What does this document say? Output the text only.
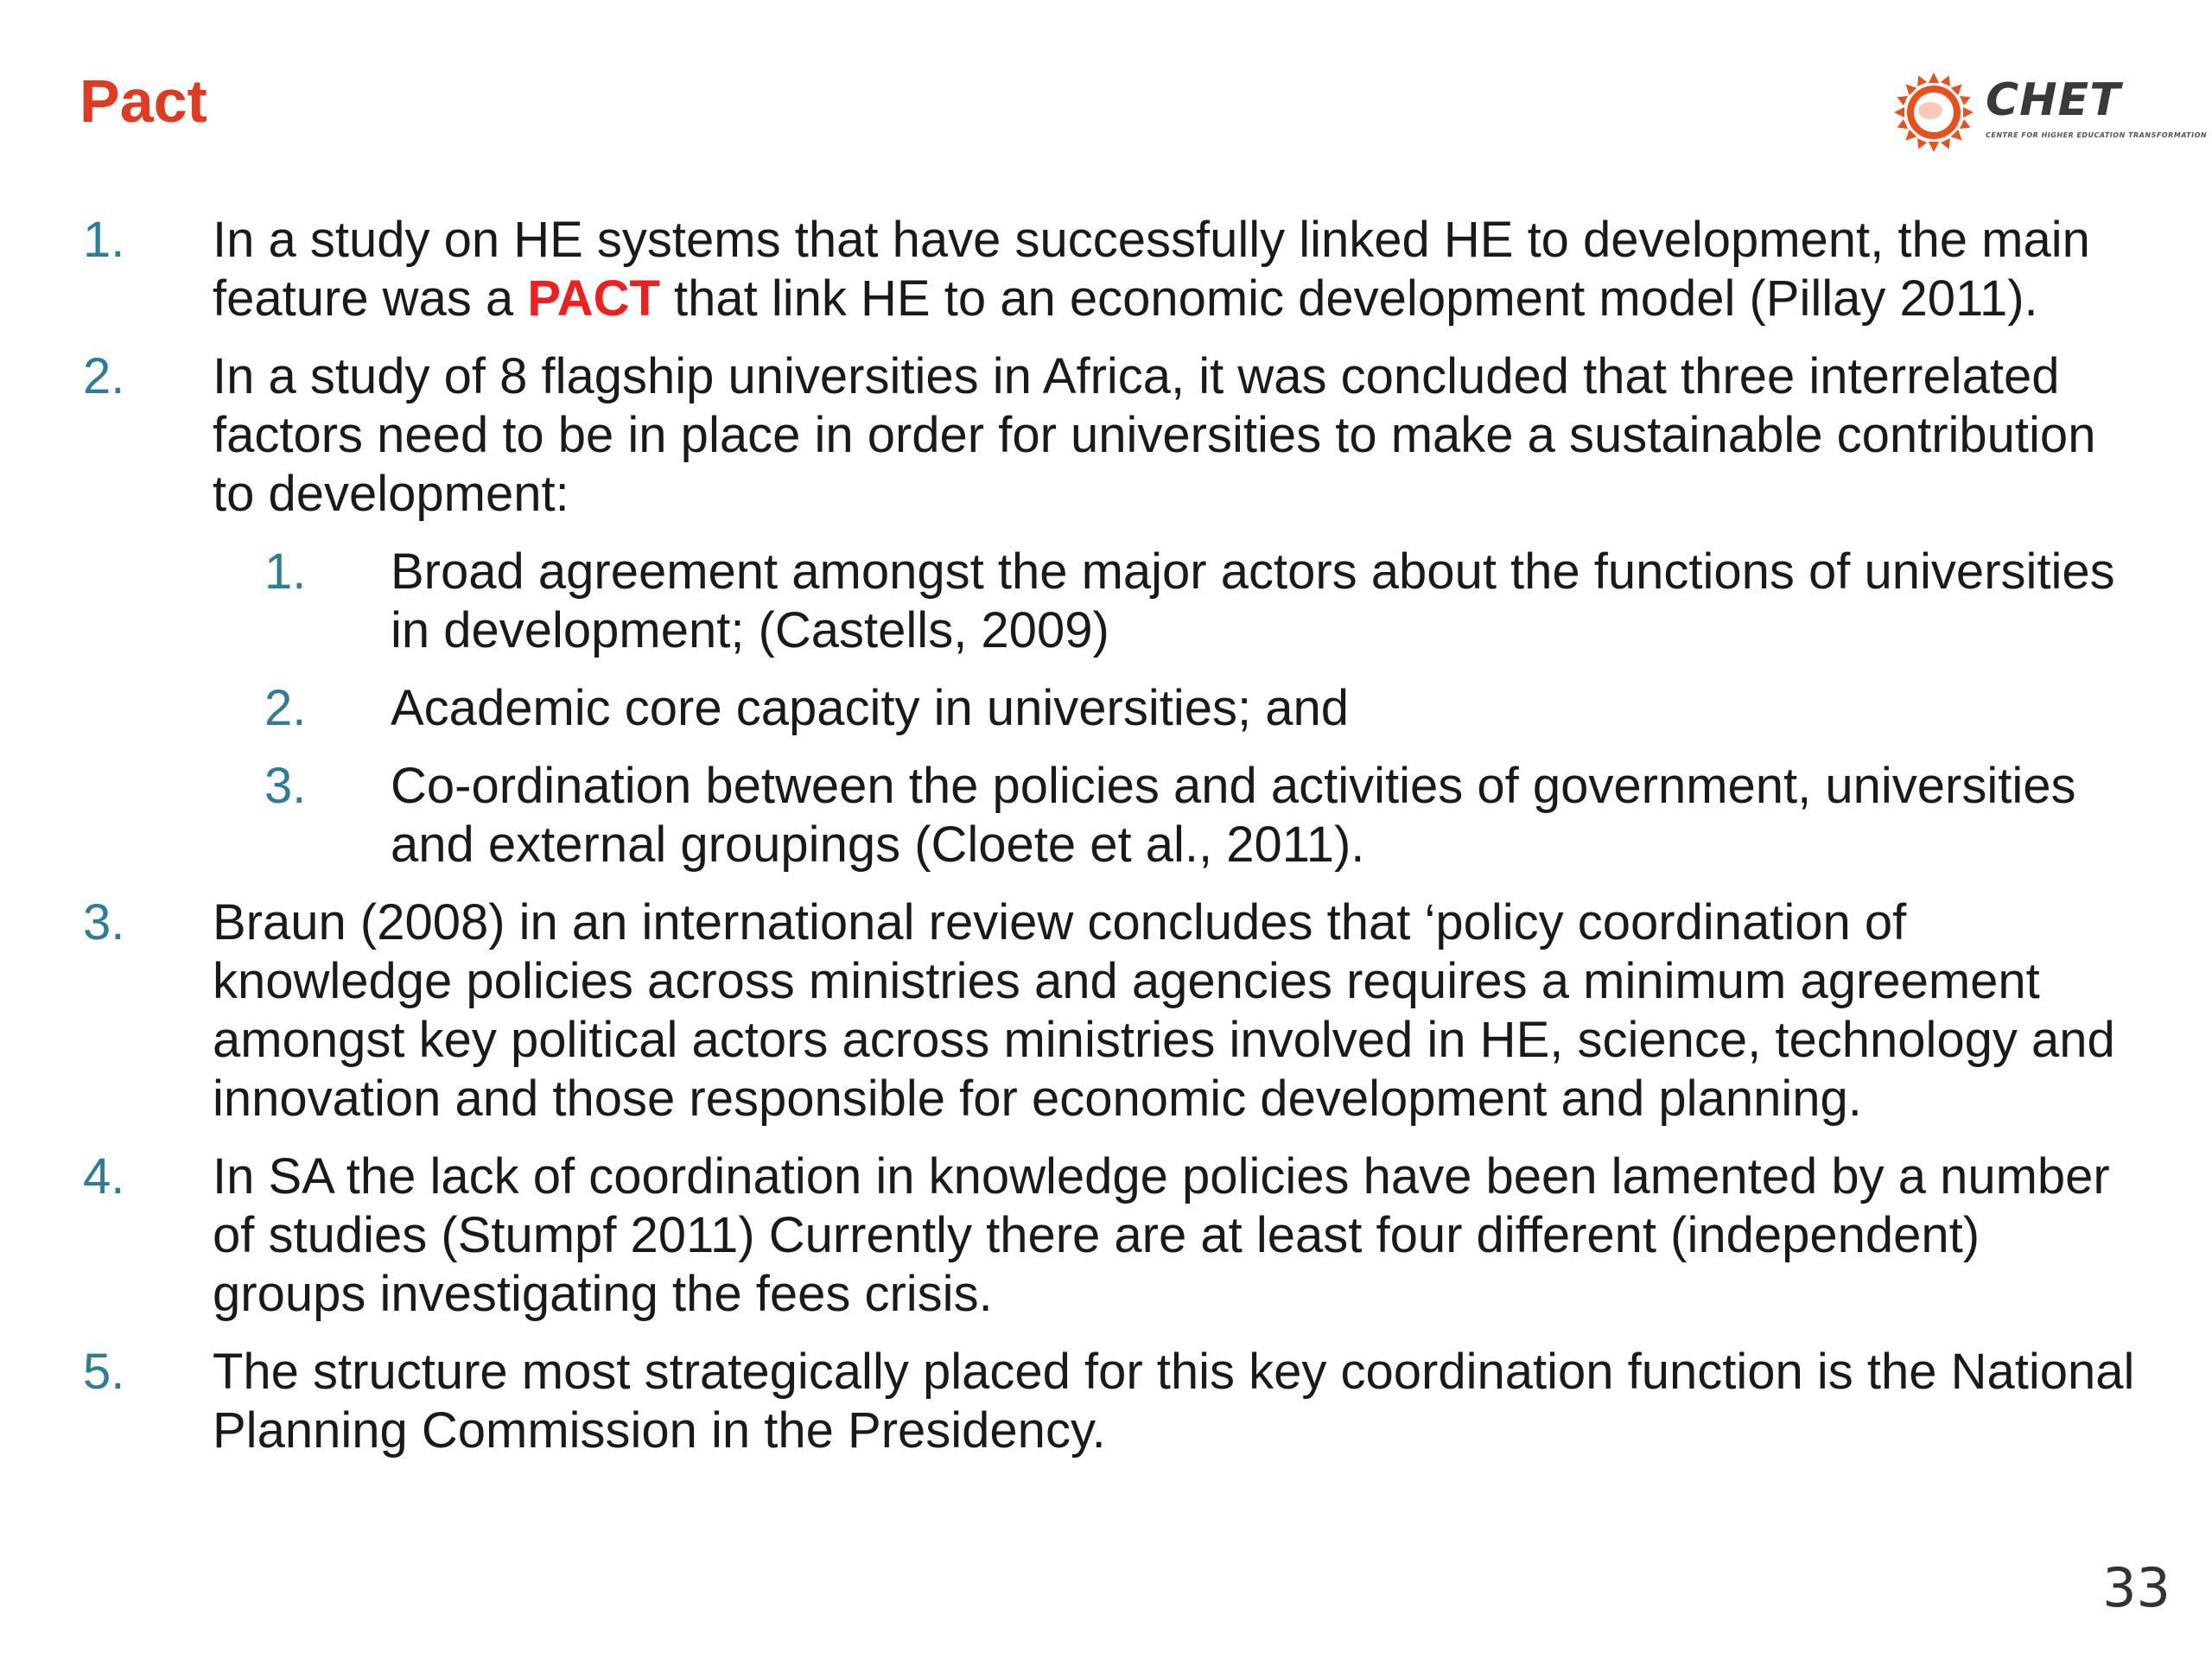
Pact	CHET
CENTRE FOR HIGHER EDUCATION TRANSFORMATION
1.	In a study on HE systems that have successfully linked HE to development, the main feature was a PACT that link HE to an economic development model (Pillay 2011).
2.	In a study of 8 flagship universities in Africa, it was concluded that three interrelated factors need to be in place in order for universities to make a sustainable contribution to development:
1.	Broad agreement amongst the major actors about the functions of universities in development; (Castells, 2009)
2.	Academic core capacity in universities; and
3.	Co-ordination between the policies and activities of government, universities and external groupings (Cloete et al., 2011).
3.	Braun (2008) in an international review concludes that ‘policy coordination of knowledge policies across ministries and agencies requires a minimum agreement amongst key political actors across ministries involved in HE, science, technology and innovation and those responsible for economic development and planning.
4.	In SA the lack of coordination in knowledge policies have been lamented by a number of studies (Stumpf 2011) Currently there are at least four different (independent) groups investigating the fees crisis.
5.	The structure most strategically placed for this key coordination function is the National Planning Commission in the Presidency.
33
